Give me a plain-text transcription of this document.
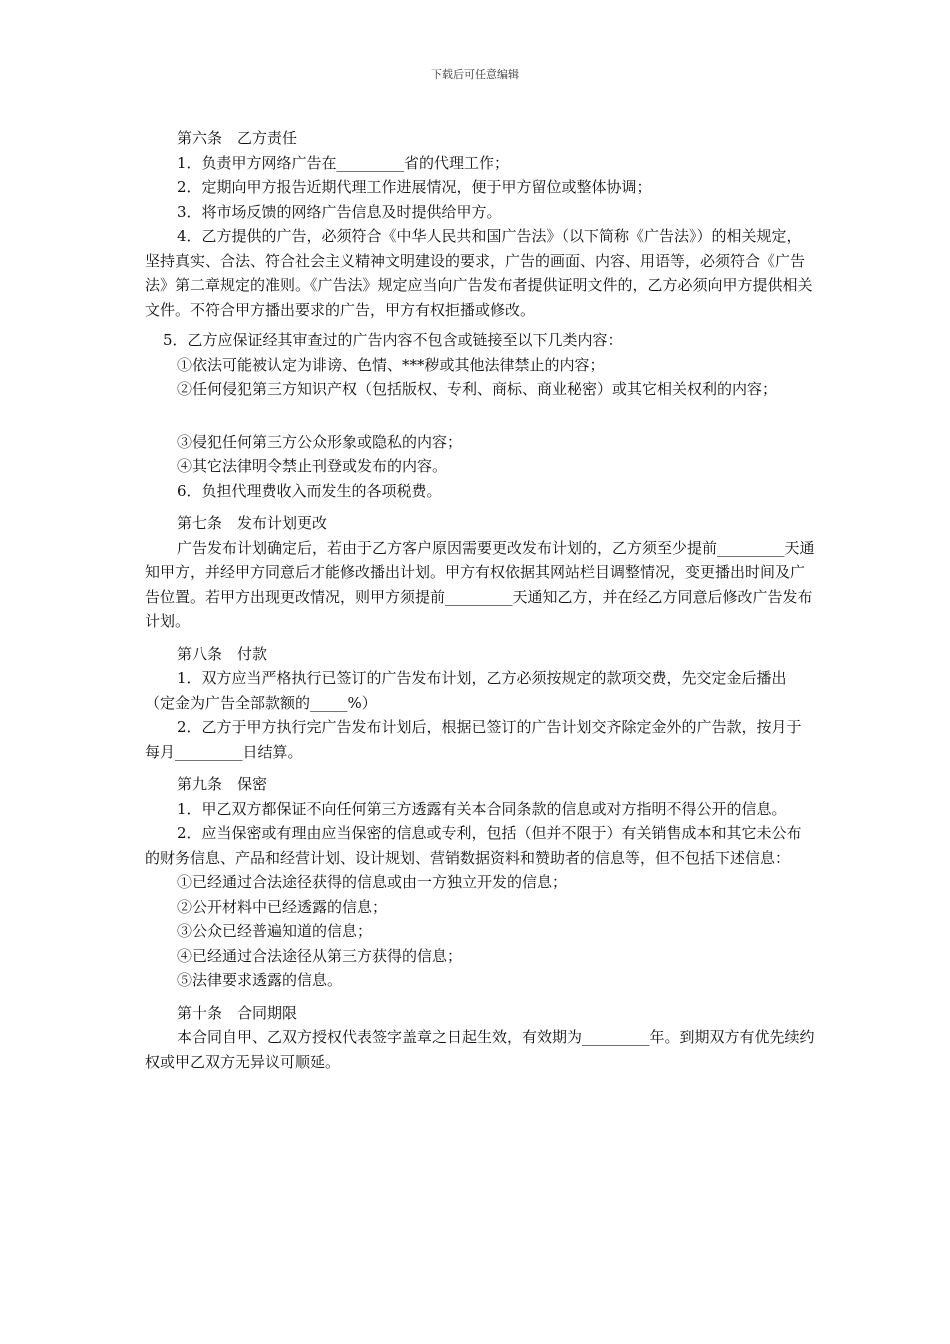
下载后可任意编辑

第六条　乙方责任

1．负责甲方网络广告在_________省的代理工作；

2．定期向甲方报告近期代理工作进展情况，便于甲方留位或整体协调；

3．将市场反馈的网络广告信息及时提供给甲方。

4．乙方提供的广告，必须符合《中华人民共和国广告法》（以下简称《广告法》）的相关规定，坚持真实、合法、符合社会主义精神文明建设的要求，广告的画面、内容、用语等，必须符合《广告法》第二章规定的准则。《广告法》规定应当向广告发布者提供证明文件的，乙方必须向甲方提供相关文件。不符合甲方播出要求的广告，甲方有权拒播或修改。

5．乙方应保证经其审查过的广告内容不包含或链接至以下几类内容：

①依法可能被认定为诽谤、色情、***秽或其他法律禁止的内容；

②任何侵犯第三方知识产权（包括版权、专利、商标、商业秘密）或其它相关权利的内容；

③侵犯任何第三方公众形象或隐私的内容；

④其它法律明令禁止刊登或发布的内容。

6．负担代理费收入而发生的各项税费。

第七条　发布计划更改

广告发布计划确定后，若由于乙方客户原因需要更改发布计划的，乙方须至少提前_________天通知甲方，并经甲方同意后才能修改播出计划。甲方有权依据其网站栏目调整情况，变更播出时间及广告位置。若甲方出现更改情况，则甲方须提前_________天通知乙方，并在经乙方同意后修改广告发布计划。

第八条　付款

1．双方应当严格执行已签订的广告发布计划，乙方必须按规定的款项交费，先交定金后播出（定金为广告全部款额的_____%）

2．乙方于甲方执行完广告发布计划后，根据已签订的广告计划交齐除定金外的广告款，按月于每月_________日结算。

第九条　保密

1．甲乙双方都保证不向任何第三方透露有关本合同条款的信息或对方指明不得公开的信息。

2．应当保密或有理由应当保密的信息或专利，包括（但并不限于）有关销售成本和其它未公布的财务信息、产品和经营计划、设计规划、营销数据资料和赞助者的信息等，但不包括下述信息：

①已经通过合法途径获得的信息或由一方独立开发的信息；

②公开材料中已经透露的信息；

③公众已经普遍知道的信息；

④已经通过合法途径从第三方获得的信息；

⑤法律要求透露的信息。

第十条　合同期限

本合同自甲、乙双方授权代表签字盖章之日起生效，有效期为_________年。到期双方有优先续约权或甲乙双方无异议可顺延。
